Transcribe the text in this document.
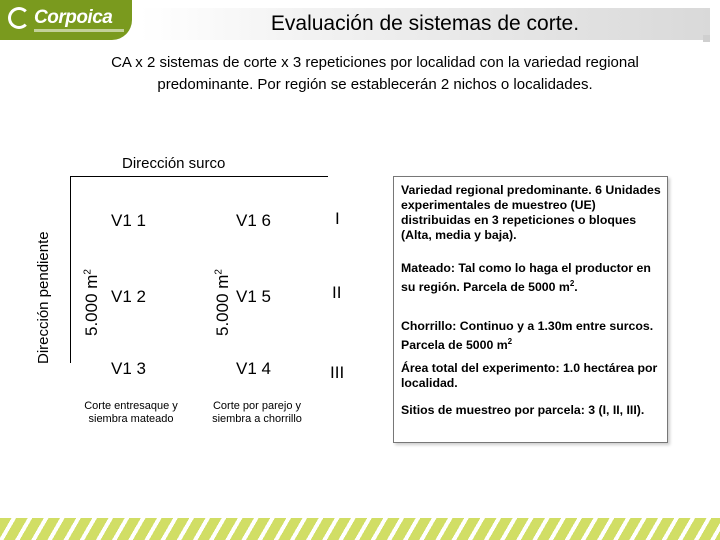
Corpoica	Evaluación de sistemas de corte.
CA x 2 sistemas de corte x 3 repeticiones por localidad con la variedad regional predominante. Por región se establecerán 2 nichos o localidades.
Dirección surco
Dirección pendiente 5.000 $m^2$
5.000 $m^2$
V1 1
V1 2
V1 3
V1 6
V1 5
V1 4
I
II
III
Corte entresaque y siembra mateado
Corte por parejo y siembra a chorrillo

Variedad regional predominante. 6 Unidades experimentales de muestreo (UE) distribuidas en 3 repeticiones o bloques (Alta, media y baja).

Mateado: Tal como lo haga el productor en su región. Parcela de 5000 $m^2$.

Chorrillo: Continuo y a 1.30m entre surcos. Parcela de 5000 $m^2$

Área total del experimento: 1.0 hectárea por localidad.

Sitios de muestreo por parcela: 3 (I, II, III).
